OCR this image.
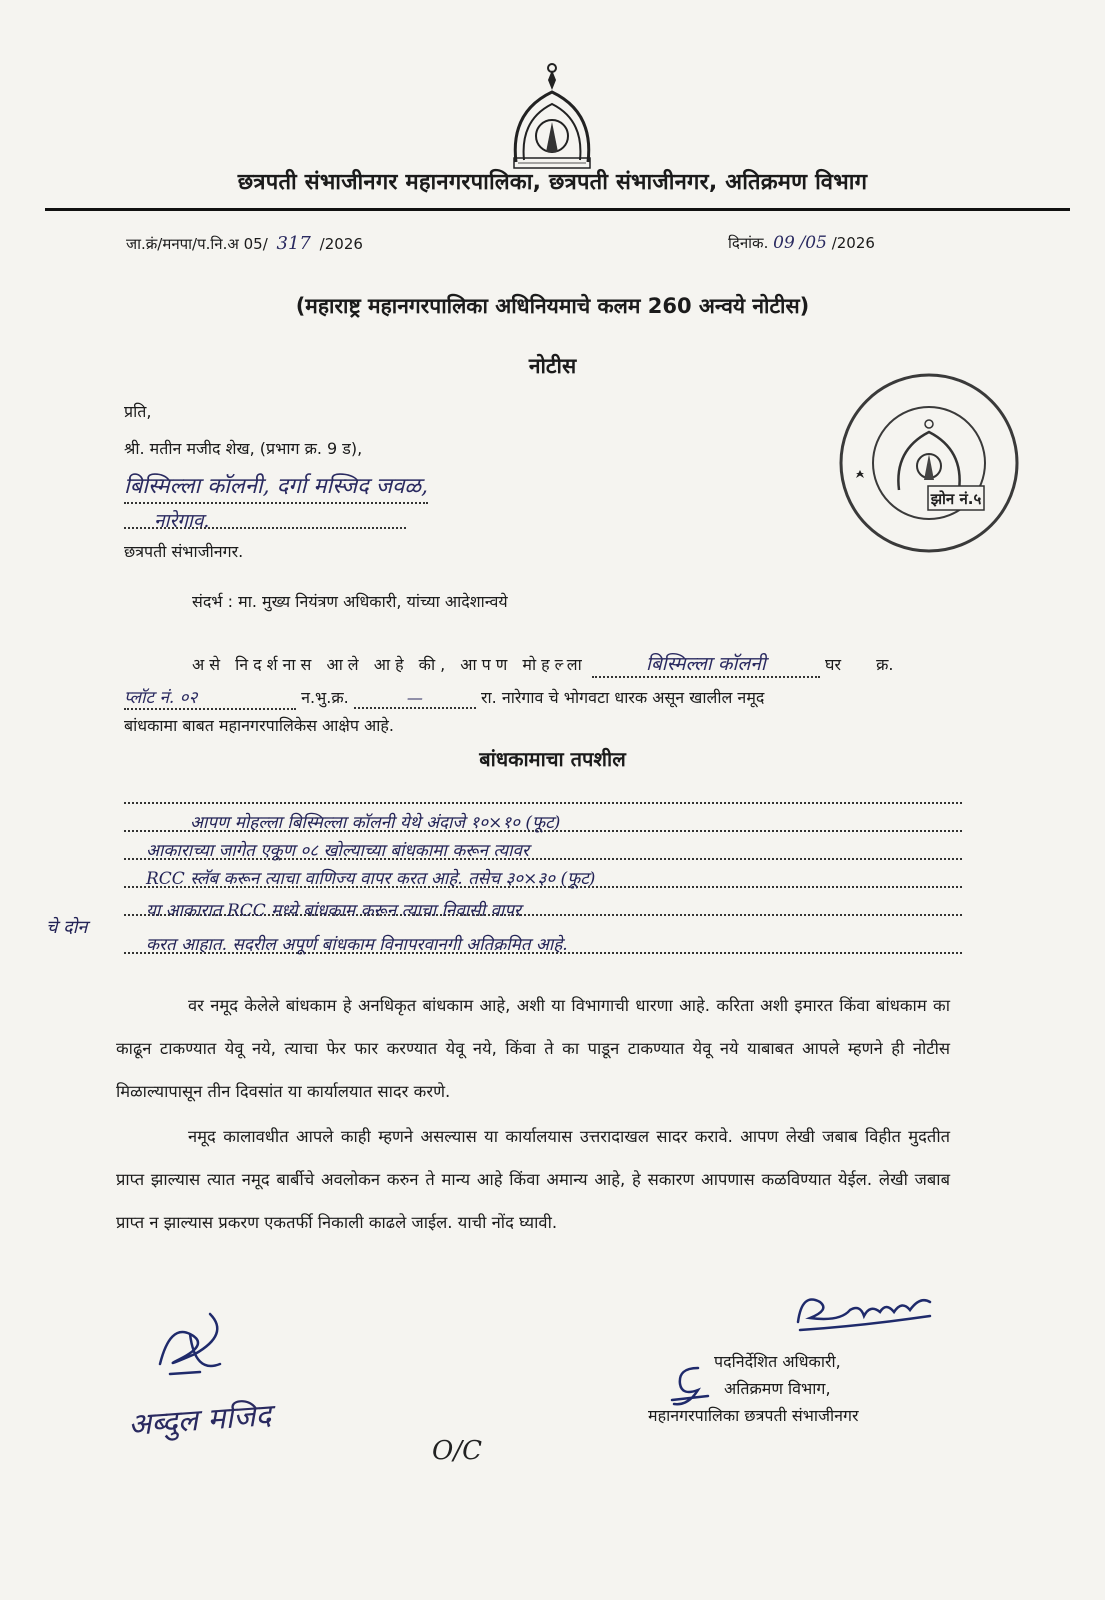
छत्रपती संभाजीनगर महानगरपालिका, छत्रपती संभाजीनगर, अतिक्रमण विभाग
जा.क्रं/मनपा/प.नि.अ 05/ 317 /2026	दिनांक. 09 /05 /2026
(महाराष्ट्र महानगरपालिका अधिनियमाचे कलम 260 अन्वये नोटीस)
नोटीस
प्रति,
श्री. मतीन मजीद शेख, (प्रभाग क्र. 9 ड),
बिस्मिल्ला कॉलनी, दर्गा मस्जिद जवळ,
नारेगाव.
छत्रपती संभाजीनगर.
झोन नं.५
संदर्भ : मा. मुख्य नियंत्रण अधिकारी, यांच्या आदेशान्वये
असे निदर्शनास आले आहे की, आपण मोहल्ला	बिस्मिल्ला कॉलनी	घर क्र.
प्लॉट नं. ०२	न.भु.क्र.	—	रा. नारेगाव चे भोगवटा धारक असून खालील नमूद
बांधकामा बाबत महानगरपालिकेस आक्षेप आहे.
बांधकामाचा तपशील
आपण मोहल्ला बिस्मिल्ला कॉलनी येथे अंदाजे १०×१० (फूट)
आकाराच्या जागेत एकूण ०८ खोल्याच्या बांधकामा करून त्यावर
RCC स्लॅब करून त्याचा वाणिज्य वापर करत आहे. तसेच ३०×३० (फूट)
या आकारात RCC मध्ये बांधकाम करून त्याचा निवासी वापर
करत आहात. सदरील अपूर्ण बांधकाम विनापरवानगी अतिक्रमित आहे.
चे दोन
वर नमूद केलेले बांधकाम हे अनधिकृत बांधकाम आहे, अशी या विभागाची धारणा आहे. करिता अशी इमारत किंवा बांधकाम का काढून टाकण्यात येवू नये, त्याचा फेर फार करण्यात येवू नये, किंवा ते का पाडून टाकण्यात येवू नये याबाबत आपले म्हणने ही नोटीस मिळाल्यापासून तीन दिवसांत या कार्यालयात सादर करणे.
नमूद कालावधीत आपले काही म्हणने असल्यास या कार्यालयास उत्तरादाखल सादर करावे. आपण लेखी जबाब विहीत मुदतीत प्राप्त झाल्यास त्यात नमूद बार्बीचे अवलोकन करुन ते मान्य आहे किंवा अमान्य आहे, हे सकारण आपणास कळविण्यात येईल. लेखी जबाब प्राप्त न झाल्यास प्रकरण एकतर्फी निकाली काढले जाईल. याची नोंद घ्यावी.
अब्दुल मजिद
O/C
पदनिर्देशित अधिकारी,
अतिक्रमण विभाग,
महानगरपालिका छत्रपती संभाजीनगर
